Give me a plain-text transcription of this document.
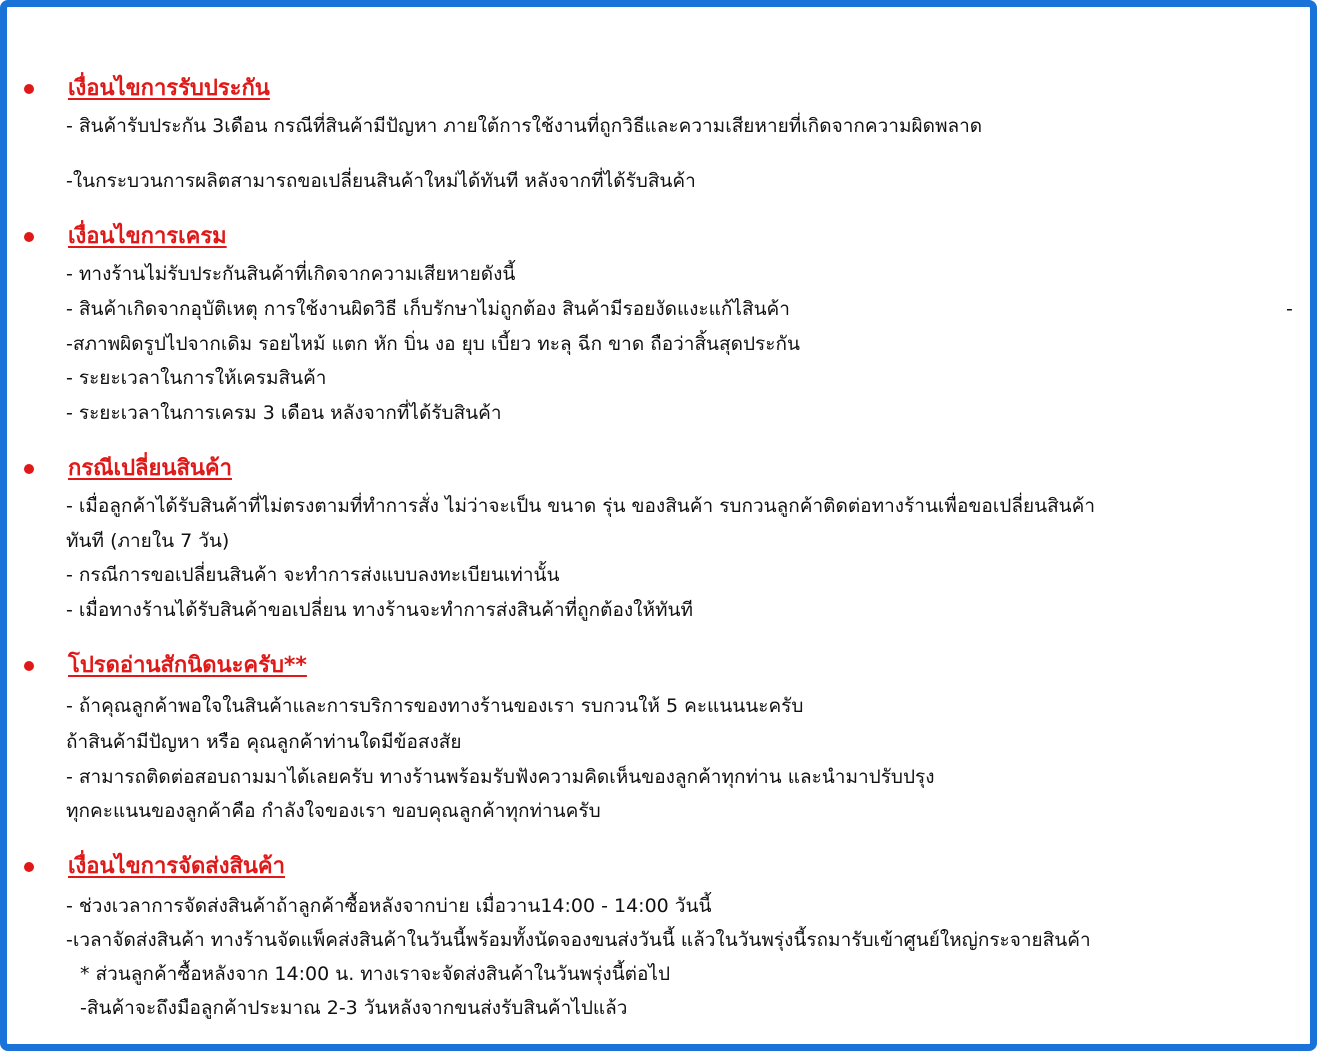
เงื่อนไขการรับประกัน
- สินค้ารับประกัน 3เดือน กรณีที่สินค้ามีปัญหา ภายใต้การใช้งานที่ถูกวิธีและความเสียหายที่เกิดจากความผิดพลาด
-ในกระบวนการผลิตสามารถขอเปลี่ยนสินค้าใหม่ได้ทันที หลังจากที่ได้รับสินค้า
เงื่อนไขการเครม
- ทางร้านไม่รับประกันสินค้าที่เกิดจากความเสียหายดังนี้
- สินค้าเกิดจากอุบัติเหตุ การใช้งานผิดวิธี เก็บรักษาไม่ถูกต้อง สินค้ามีรอยงัดแงะแก้ไสินค้า	-
-สภาพผิดรูปไปจากเดิม รอยไหม้ แตก หัก บิ่น งอ ยุบ เบี้ยว ทะลุ ฉีก ขาด ถือว่าสิ้นสุดประกัน
- ระยะเวลาในการให้เครมสินค้า
- ระยะเวลาในการเครม 3 เดือน หลังจากที่ได้รับสินค้า
กรณีเปลี่ยนสินค้า
- เมื่อลูกค้าได้รับสินค้าที่ไม่ตรงตามที่ทำการสั่ง ไม่ว่าจะเป็น ขนาด รุ่น ของสินค้า รบกวนลูกค้าติดต่อทางร้านเพื่อขอเปลี่ยนสินค้า
ทันที (ภายใน 7 วัน)
- กรณีการขอเปลี่ยนสินค้า จะทำการส่งแบบลงทะเบียนเท่านั้น
- เมื่อทางร้านได้รับสินค้าขอเปลี่ยน ทางร้านจะทำการส่งสินค้าที่ถูกต้องให้ทันที
โปรดอ่านสักนิดนะครับ**
- ถ้าคุณลูกค้าพอใจในสินค้าและการบริการของทางร้านของเรา รบกวนให้ 5 คะแนนนะครับ
ถ้าสินค้ามีปัญหา หรือ คุณลูกค้าท่านใดมีข้อสงสัย
- สามารถติดต่อสอบถามมาได้เลยครับ ทางร้านพร้อมรับฟังความคิดเห็นของลูกค้าทุกท่าน และนำมาปรับปรุง
ทุกคะแนนของลูกค้าคือ กำลังใจของเรา ขอบคุณลูกค้าทุกท่านครับ
เงื่อนไขการจัดส่งสินค้า
- ช่วงเวลาการจัดส่งสินค้าถ้าลูกค้าซื้อหลังจากบ่าย เมื่อวาน14:00 - 14:00 วันนี้
-เวลาจัดส่งสินค้า ทางร้านจัดแพ็คส่งสินค้าในวันนี้พร้อมทั้งนัดจองขนส่งวันนี้ แล้วในวันพรุ่งนี้รถมารับเข้าศูนย์ใหญ่กระจายสินค้า
* ส่วนลูกค้าซื้อหลังจาก 14:00 น. ทางเราจะจัดส่งสินค้าในวันพรุ่งนี้ต่อไป
-สินค้าจะถึงมือลูกค้าประมาณ 2-3 วันหลังจากขนส่งรับสินค้าไปแล้ว
